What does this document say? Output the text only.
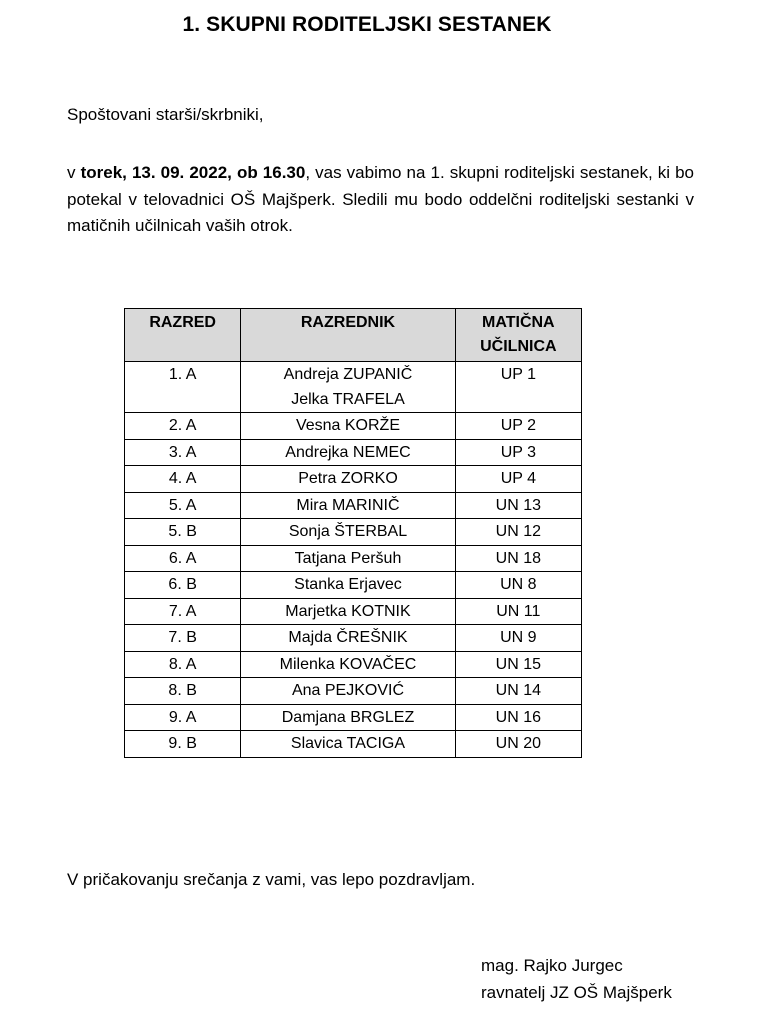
1. SKUPNI RODITELJSKI SESTANEK
Spoštovani starši/skrbniki,
v torek, 13. 09. 2022, ob 16.30, vas vabimo na 1. skupni roditeljski sestanek, ki bo potekal v telovadnici OŠ Majšperk. Sledili mu bodo oddelčni roditeljski sestanki v matičnih učilnicah vaših otrok.
RAZRED	RAZREDNIK	MATIČNA
UČILNICA
1. A	Andreja ZUPANIČ
Jelka TRAFELA	UP 1
2. A	Vesna KORŽE	UP 2
3. A	Andrejka NEMEC	UP 3
4. A	Petra ZORKO	UP 4
5. A	Mira MARINIČ	UN 13
5. B	Sonja ŠTERBAL	UN 12
6. A	Tatjana Peršuh	UN 18
6. B	Stanka Erjavec	UN 8
7. A	Marjetka KOTNIK	UN 11
7. B	Majda ČREŠNIK	UN 9
8. A	Milenka KOVAČEC	UN 15
8. B	Ana PEJKOVIĆ	UN 14
9. A	Damjana BRGLEZ	UN 16
9. B	Slavica TACIGA	UN 20
V pričakovanju srečanja z vami, vas lepo pozdravljam.
mag. Rajko Jurgec
ravnatelj JZ OŠ Majšperk
